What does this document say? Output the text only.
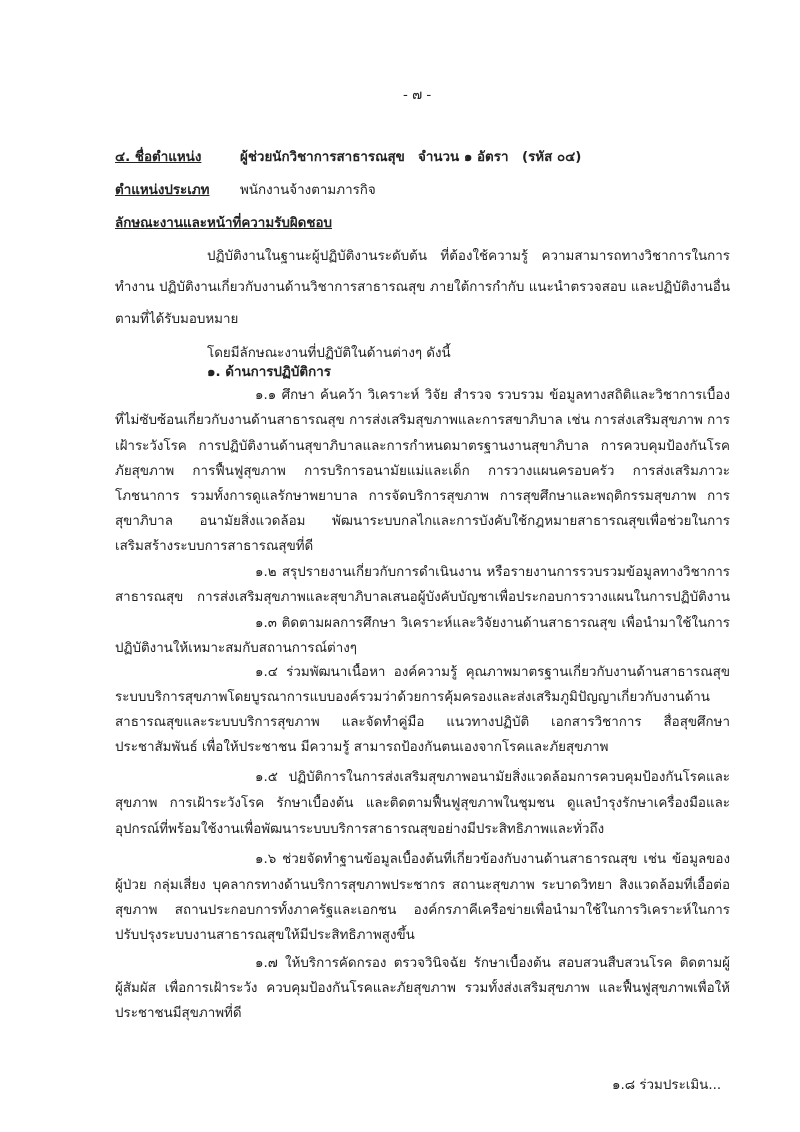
- ๗ -
๔. ชื่อตำแหน่ง	ผู้ช่วยนักวิชาการสาธารณสุข จำนวน ๑ อัตรา (รหัส ๐๔)
ตำแหน่งประเภท พนักงานจ้างตามภารกิจ
ลักษณะงานและหน้าที่ความรับผิดชอบ
ปฏิบัติงานในฐานะผู้ปฏิบัติงานระดับต้น ที่ต้องใช้ความรู้ ความสามารถทางวิชาการในการ
ทำงาน ปฏิบัติงานเกี่ยวกับงานด้านวิชาการสาธารณสุข ภายใต้การกำกับ แนะนำตรวจสอบ และปฏิบัติงานอื่น
ตามที่ได้รับมอบหมาย
โดยมีลักษณะงานที่ปฏิบัติในด้านต่างๆ ดังนี้
๑.๑ ศึกษา ค้นคว้า วิเคราะห์ วิจัย สำรวจ รวบรวม ข้อมูลทางสถิติและวิชาการเบื้อง
ที่ไม่ซับซ้อนเกี่ยวกับงานด้านสาธารณสุข การส่งเสริมสุขภาพและการสขาภิบาล เช่น การส่งเสริมสุขภาพ การ
เฝ้าระวังโรค การปฏิบัติงานด้านสุขาภิบาลและการกำหนดมาตรฐานงานสุขาภิบาล การควบคุมป้องกันโรค
ภัยสุขภาพ การฟื้นฟูสุขภาพ การบริการอนามัยแม่และเด็ก การวางแผนครอบครัว การส่งเสริมภาวะ
โภชนาการ รวมทั้งการดูแลรักษาพยาบาล การจัดบริการสุขภาพ การสุขศึกษาและพฤติกรรมสุขภาพ การ
สุขาภิบาล อนามัยสิ่งแวดล้อม พัฒนาระบบกลไกและการบังคับใช้กฎหมายสาธารณสุขเพื่อช่วยในการ
เสริมสร้างระบบการสาธารณสุขที่ดี
๑.๒ สรุปรายงานเกี่ยวกับการดำเนินงาน หรือรายงานการรวบรวมข้อมูลทางวิชาการ
สาธารณสุข การส่งเสริมสุขภาพและสุขาภิบาลเสนอผู้บังคับบัญชาเพื่อประกอบการวางแผนในการปฏิบัติงาน
๑.๓ ติดตามผลการศึกษา วิเคราะห์และวิจัยงานด้านสาธารณสุข เพื่อนำมาใช้ในการ
ปฏิบัติงานให้เหมาะสมกับสถานการณ์ต่างๆ
๑.๔ ร่วมพัฒนาเนื้อหา องค์ความรู้ คุณภาพมาตรฐานเกี่ยวกับงานด้านสาธารณสุข
ระบบบริการสุขภาพโดยบูรณาการแบบองค์รวมว่าด้วยการคุ้มครองและส่งเสริมภูมิปัญญาเกี่ยวกับงานด้าน
สาธารณสุขและระบบบริการสุขภาพ และจัดทำคู่มือ แนวทางปฏิบัติ เอกสารวิชาการ สื่อสุขศึกษา
ประชาสัมพันธ์ เพื่อให้ประชาชน มีความรู้ สามารถป้องกันตนเองจากโรคและภัยสุขภาพ
๑.๕ ปฏิบัติการในการส่งเสริมสุขภาพอนามัยสิ่งแวดล้อมการควบคุมป้องกันโรคและ
สุขภาพ การเฝ้าระวังโรค รักษาเบื้องต้น และติดตามฟื้นฟูสุขภาพในชุมชน ดูแลบำรุงรักษาเครื่องมือและ
อุปกรณ์ที่พร้อมใช้งานเพื่อพัฒนาระบบบริการสาธารณสุขอย่างมีประสิทธิภาพและทั่วถึง
๑.๖ ช่วยจัดทำฐานข้อมูลเบื้องต้นที่เกี่ยวข้องกับงานด้านสาธารณสุข เช่น ข้อมูลของ
ผู้ป่วย กลุ่มเสี่ยง บุคลากรทางด้านบริการสุขภาพประชากร สถานะสุขภาพ ระบาดวิทยา สิงแวดล้อมที่เอื้อต่อ
สุขภาพ สถานประกอบการทั้งภาครัฐและเอกชน องค์กรภาคีเครือข่ายเพื่อนำมาใช้ในการวิเคราะห์ในการ
ปรับปรุงระบบงานสาธารณสุขให้มีประสิทธิภาพสูงขึ้น
๑.๗ ให้บริการคัดกรอง ตรวจวินิจฉัย รักษาเบื้องต้น สอบสวนสืบสวนโรค ติดตามผู้
ผู้สัมผัส เพื่อการเฝ้าระวัง ควบคุมป้องกันโรคและภัยสุขภาพ รวมทั้งส่งเสริมสุขภาพ และฟื้นฟูสุขภาพเพื่อให้
ประชาชนมีสุขภาพที่ดี
๑. ด้านการปฏิบัติการ
๑.๘ ร่วมประเมิน...
